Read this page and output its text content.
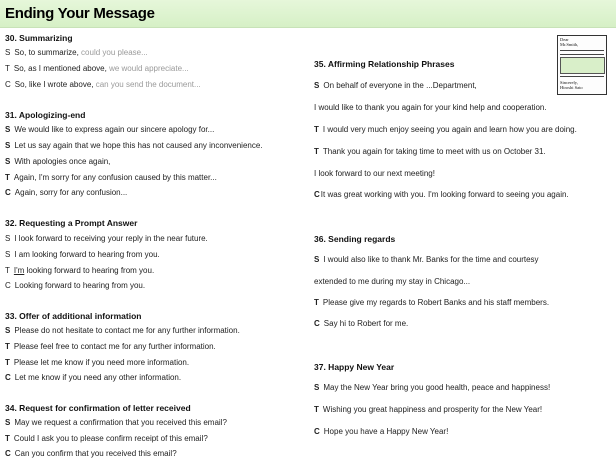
Ending Your Message
Dear
Mr.Smith,
Sincerely,
Hiroshi Sato
30. Summarizing
S So, to summarize, could you please...
T So, as I mentioned above, we would appreciate...
C So, like I wrote above, can you send the document...
31. Apologizing-end
S We would like to express again our sincere apology for...
S Let us say again that we hope this has not caused any inconvenience.
S With apologies once again,
T Again, I'm sorry for any confusion caused by this matter...
C Again, sorry for any confusion...
32. Requesting a Prompt Answer
S I look forward to receiving your reply in the near future.
S I am looking forward to hearing from you.
T I'm looking forward to hearing from you.
C Looking forward to hearing from you.
33. Offer of additional information
S Please do not hesitate to contact me for any further information.
T Please feel free to contact me for any further information.
T Please let me know if you need more information.
C Let me know if you need any other information.
34. Request for confirmation of letter received
S May we request a confirmation that you received this email?
T Could I ask you to please confirm receipt of this email?
C Can you confirm that you received this email?
35. Affirming Relationship Phrases
S On behalf of everyone in the ...Department,
I would like to thank you again for your kind help and cooperation.
T I would very much enjoy seeing you again and learn how you are doing.
T Thank you again for taking time to meet with us on October 31.
I look forward to our next meeting!
CIt was great working with you. I'm looking forward to seeing you again.
36. Sending regards
S I would also like to thank Mr. Banks for the time and courtesy
extended to me during my stay in Chicago...
T Please give my regards to Robert Banks and his staff members.
C Say hi to Robert for me.
37. Happy New Year
S May the New Year bring you good health, peace and happiness!
T Wishing you great happiness and prosperity for the New Year!
C Hope you have a Happy New Year!
